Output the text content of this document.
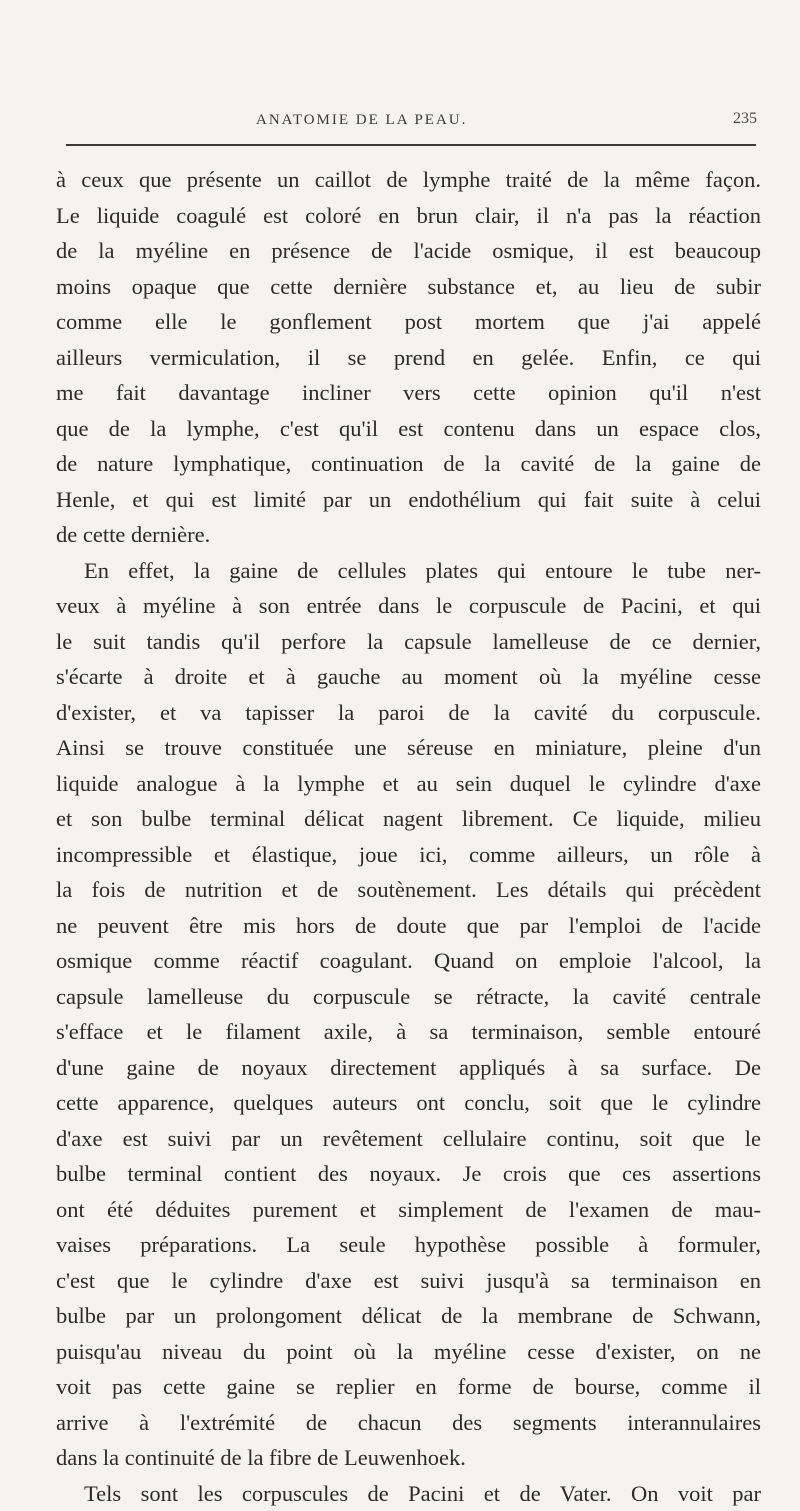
ANATOMIE DE LA PEAU.	235
à ceux que présente un caillot de lymphe traité de la même façon.
Le liquide coagulé est coloré en brun clair, il n'a pas la réaction
de la myéline en présence de l'acide osmique, il est beaucoup
moins opaque que cette dernière substance et, au lieu de subir
comme elle le gonflement post mortem que j'ai appelé
ailleurs vermiculation, il se prend en gelée. Enfin, ce qui
me fait davantage incliner vers cette opinion qu'il n'est
que de la lymphe, c'est qu'il est contenu dans un espace clos,
de nature lymphatique, continuation de la cavité de la gaine de
Henle, et qui est limité par un endothélium qui fait suite à celui
de cette dernière.
En effet, la gaine de cellules plates qui entoure le tube ner-
veux à myéline à son entrée dans le corpuscule de Pacini, et qui
le suit tandis qu'il perfore la capsule lamelleuse de ce dernier,
s'écarte à droite et à gauche au moment où la myéline cesse
d'exister, et va tapisser la paroi de la cavité du corpuscule.
Ainsi se trouve constituée une séreuse en miniature, pleine d'un
liquide analogue à la lymphe et au sein duquel le cylindre d'axe
et son bulbe terminal délicat nagent librement. Ce liquide, milieu
incompressible et élastique, joue ici, comme ailleurs, un rôle à
la fois de nutrition et de soutènement. Les détails qui précèdent
ne peuvent être mis hors de doute que par l'emploi de l'acide
osmique comme réactif coagulant. Quand on emploie l'alcool, la
capsule lamelleuse du corpuscule se rétracte, la cavité centrale
s'efface et le filament axile, à sa terminaison, semble entouré
d'une gaine de noyaux directement appliqués à sa surface. De
cette apparence, quelques auteurs ont conclu, soit que le cylindre
d'axe est suivi par un revêtement cellulaire continu, soit que le
bulbe terminal contient des noyaux. Je crois que ces assertions
ont été déduites purement et simplement de l'examen de mau-
vaises préparations. La seule hypothèse possible à formuler,
c'est que le cylindre d'axe est suivi jusqu'à sa terminaison en
bulbe par un prolongoment délicat de la membrane de Schwann,
puisqu'au niveau du point où la myéline cesse d'exister, on ne
voit pas cette gaine se replier en forme de bourse, comme il
arrive à l'extrémité de chacun des segments interannulaires
dans la continuité de la fibre de Leuwenhoek.
Tels sont les corpuscules de Pacini et de Vater. On voit par
